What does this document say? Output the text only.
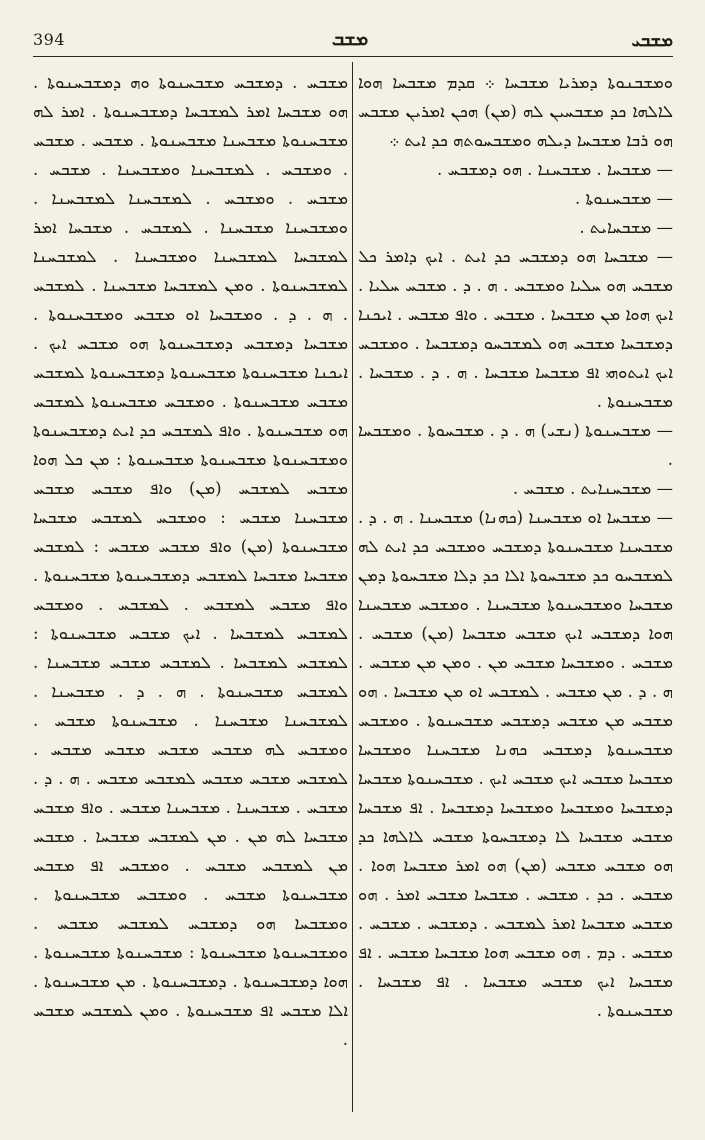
394	ܡܫܒ	ܡܫܒܝ

ܘܡܫܒܢܘܬܐ ܕܡܪܝܐ ܡܫܒܚܐ ܀ ܩܕܡ ܡܫܒܚܐ ܗܘܐ ܠܐܠܗܐ ܟܕ ܡܫܒܚܝܢ ܠܗ (ܡܢ) ܗܟܢ ܐܡܪܝܢ ܡܫܒܚ ܗܘ ܪܒܐ ܡܫܒܚܐ ܕܝܠܗ ܘܡܫܒܚܘܬܗ ܟܕ ܐܝܬ ܀

— ܡܫܒܚܐ . ܡܫܒܚܢܐ . ܗܘ ܕܡܫܒܚ .

— ܡܫܒܚܢܘܬܐ .

— ܡܫܒܚܐܝܬ .

— ܡܫܒܚܐ ܗܘ ܕܡܫܒܚ ܟܕ ܐܝܬ . ܐܝܟ ܕܐܡܪ ܟܠ ܡܫܒܚ ܗܘ ܚܠܝܐ ܘܡܫܒܚ . ܗ . ܕ . ܡܫܒܚ ܚܠܝܐ . ܐܝܟ ܗܘܐ ܡܢ ܡܫܒܚܐ . ܡܫܒܚ . ܘܐܦ ܡܫܒܚ . ܐܝܟܢܐ ܕܡܫܒܚܐ ܡܫܒܚ ܗܘ ܠܡܫܒܚܘ ܕܡܫܒܚܐ . ܘܡܫܒܚ ܐܝܟ ܐܝܬܘܗܝ ܐܦ ܡܫܒܚܐ ܡܫܒܚܐ . ܗ . ܕ . ܡܫܒܚܐ . ܡܫܒܚܢܘܬܐ .

— ܡܫܒܚܢܘܬܐ (ܢܫܝ) ܗ . ܕ . ܡܫܒܚܘܬܐ . ܘܡܫܒܚܐ .

— ܡܫܒܚܢܐܝܬ . ܡܫܒܚ .

— ܡܫܒܚܐ ܐܘ ܡܫܒܚܢܐ (ܟܗܢܐ) ܡܫܒܚܢܐ . ܗ . ܕ . ܡܫܒܚܢܐ ܡܫܒܚܢܘܬܐ ܕܡܫܒܚ ܘܡܫܒܚ ܟܕ ܐܝܬ ܠܗ ܠܡܫܒܚܘ ܟܕ ܡܫܒܚܘܬܐ ܐܠܐ ܟܕ ܕܠܐ ܡܫܒܚܘܬܐ ܕܡܢ ܡܫܒܚܐ ܘܡܫܒܚܢܘܬܐ ܡܫܒܚܢܐ . ܘܡܫܒܚ ܡܫܒܚܢܐ ܗܘܐ ܕܡܫܒܚ ܐܝܟ ܡܫܒܚ ܡܫܒܚܐ (ܡܢ) ܡܫܒܚ . ܡܫܒܚ . ܘܡܫܒܚܐ ܡܫܒܚ ܡܢ . ܘܡܢ ܡܢ ܡܫܒܚ . ܗ . ܕ . ܡܢ ܡܫܒܚ . ܠܡܫܒܚ ܐܘ ܡܢ ܡܫܒܚܐ . ܗܘ ܡܫܒܚ ܡܢ ܡܫܒܚ ܕܡܫܒܚ ܡܫܒܚܢܘܬܐ . ܘܡܫܒܚ ܡܫܒܚܢܘܬܐ ܕܡܫܒܚ ܟܗܢܐ ܡܫܒܚܢܐ ܘܡܫܒܚܐ ܡܫܒܚܐ ܡܫܒܚ ܐܝܟ ܡܫܒܚ ܐܝܟ . ܡܫܒܚܢܘܬܐ ܡܫܒܚܐ ܕܡܫܒܚܐ ܘܡܫܒܚܐ ܘܡܫܒܚܐ ܕܡܫܒܚܐ . ܐܦ ܡܫܒܚܐ ܡܫܒܚ ܡܫܒܚܐ ܠܐ ܕܡܫܒܚܘܬܐ ܡܫܒܚ ܠܐܠܗܐ ܟܕ ܗܘ ܡܫܒܚ ܡܫܒܚ (ܡܢ) ܗܘ ܐܡܪ ܡܫܒܚܐ ܗܘܐ . ܡܫܒܚ . ܟܕ . ܡܫܒܚ . ܡܫܒܚܐ ܡܫܒܚ ܐܡܪ . ܗܘ ܡܫܒܚ ܡܫܒܚܐ ܐܡܪ ܠܡܫܒܚ . ܕܡܫܒܚ . ܡܫܒܚ . ܡܫܒܚ . ܕܡ . ܗܘ ܡܫܒܚ ܗܘܐ ܡܫܒܚܐ ܡܫܒܚ . ܐܦ ܡܫܒܚܐ ܐܝܟ ܡܫܒܚ ܡܫܒܚܐ . ܐܦ ܡܫܒܚܐ . ܡܫܒܚܢܘܬܐ .

ܡܫܒܚ . ܕܡܫܒܚ ܡܫܒܚܢܘܬܐ ܘܗ ܕܡܫܒܚܢܘܬܐ . ܗܘ ܡܫܒܚܐ ܐܡܪ ܠܡܫܒܚܐ ܕܡܫܒܚܢܘܬܐ . ܐܡܪ ܠܗ ܡܫܒܚܢܘܬܐ ܡܫܒܚܢܐ ܡܫܒܚܢܘܬܐ . ܡܫܒܚ . ܡܫܒܚ . ܘܡܫܒܚ . ܠܡܫܒܚܢܐ ܘܡܫܒܚܢܐ . ܡܫܒܚ . ܡܫܒܚ . ܘܡܫܒܚ . ܠܡܫܒܚܢܐ ܠܡܫܒܚܢܐ . ܘܡܫܒܚܢܐ ܡܫܒܚܢܐ . ܠܡܫܒܚ . ܡܫܒܚܐ ܐܡܪ ܠܡܫܒܚܐ ܠܡܫܒܚܢܐ ܘܡܫܒܚܢܐ . ܠܡܫܒܚܢܐ ܠܡܫܒܚܢܘܬܐ . ܘܡܢ ܠܡܫܒܚܐ ܡܫܒܚܢܐ . ܠܡܫܒܚ . ܗ . ܕ . ܘܡܫܒܚܐ ܐܘ ܡܫܒܚ ܘܡܫܒܚܢܘܬܐ . ܡܫܒܚܐ ܕܡܫܒܚ ܕܡܫܒܚܢܘܬܐ ܗܘ ܡܫܒܚ ܐܝܟ . ܐܝܟܢܐ ܡܫܒܚܢܘܬܐ ܡܫܒܚܢܘܬܐ ܕܡܫܒܚܢܘܬܐ ܠܡܫܒܚ ܡܫܒܚ ܡܫܒܚܢܘܬܐ . ܘܡܫܒܚ ܡܫܒܚܢܘܬܐ ܠܡܫܒܚ ܗܘ ܡܫܒܚܢܘܬܐ . ܘܐܦ ܠܡܫܒܚ ܟܕ ܐܝܬ ܕܡܫܒܚܢܘܬܐ ܘܡܫܒܚܢܘܬܐ ܡܫܒܚܢܘܬܐ ܡܫܒܚܢܘܬܐ : ܡܢ ܟܠ ܗܘܐ ܡܫܒܚ ܠܡܫܒܚ (ܡܢ) ܘܐܦ ܡܫܒܚ ܡܫܒܚ ܡܫܒܚܢܐ ܡܫܒܚ : ܘܡܫܒܚ ܠܡܫܒܚ ܡܫܒܚܐ ܡܫܒܚܢܘܬܐ (ܡܢ) ܘܐܦ ܡܫܒܚ ܡܫܒܚ : ܠܡܫܒܚ ܡܫܒܚܐ ܡܫܒܚܐ ܠܡܫܒܚ ܕܡܫܒܚܢܘܬܐ ܡܫܒܚܢܘܬܐ . ܘܐܦ ܡܫܒܚ ܠܡܫܒܚ . ܠܡܫܒܚ . ܘܡܫܒܚ ܠܡܫܒܚ ܠܡܫܒܚܐ . ܐܝܟ ܡܫܒܚ ܡܫܒܚܢܘܬܐ : ܠܡܫܒܚ ܠܡܫܒܚܐ . ܠܡܫܒܚ ܡܫܒܚ ܡܫܒܚܢܐ . ܠܡܫܒܚ ܡܫܒܚܢܘܬܐ . ܗ . ܕ . ܡܫܒܚܢܐ . ܠܡܫܒܚܢܐ ܡܫܒܚܢܐ . ܡܫܒܚܢܘܬܐ ܡܫܒܚ . ܘܡܫܒܚ ܠܗ ܡܫܒܚ ܡܫܒܚ ܡܫܒܚ ܡܫܒܚ . ܠܡܫܒܚ ܡܫܒܚ ܡܫܒܚ ܠܡܫܒܚ ܡܫܒܚ . ܗ . ܕ . ܡܫܒܚ . ܡܫܒܚܢܐ . ܡܫܒܚܢܐ ܡܫܒܚ . ܘܐܦ ܡܫܒܚ ܡܫܒܚܐ ܠܗ ܡܢ . ܡܢ ܠܡܫܒܚ ܡܫܒܚܐ . ܡܫܒܚ ܡܢ ܠܡܫܒܚ ܡܫܒܚ . ܘܡܫܒܚ ܐܦ ܡܫܒܚ ܡܫܒܚܢܘܬܐ ܡܫܒܚ . ܘܡܫܒܚ ܡܫܒܚܢܘܬܐ . ܘܡܫܒܚܐ ܗܘ ܕܡܫܒܚ ܠܡܫܒܚ ܡܫܒܚ . ܘܡܫܒܚܢܘܬܐ ܡܫܒܚܢܘܬܐ : ܡܫܒܚܢܘܬܐ ܡܫܒܚܢܘܬܐ . ܗܘܐ ܕܡܫܒܚܢܘܬܐ . ܕܡܫܒܚܢܘܬܐ . ܡܢ ܡܫܒܚܢܘܬܐ . ܐܠܐ ܡܫܒܚ ܐܦ ܡܫܒܚܢܘܬܐ . ܘܡܢ ܠܡܫܒܚ ܡܫܒܚ .
